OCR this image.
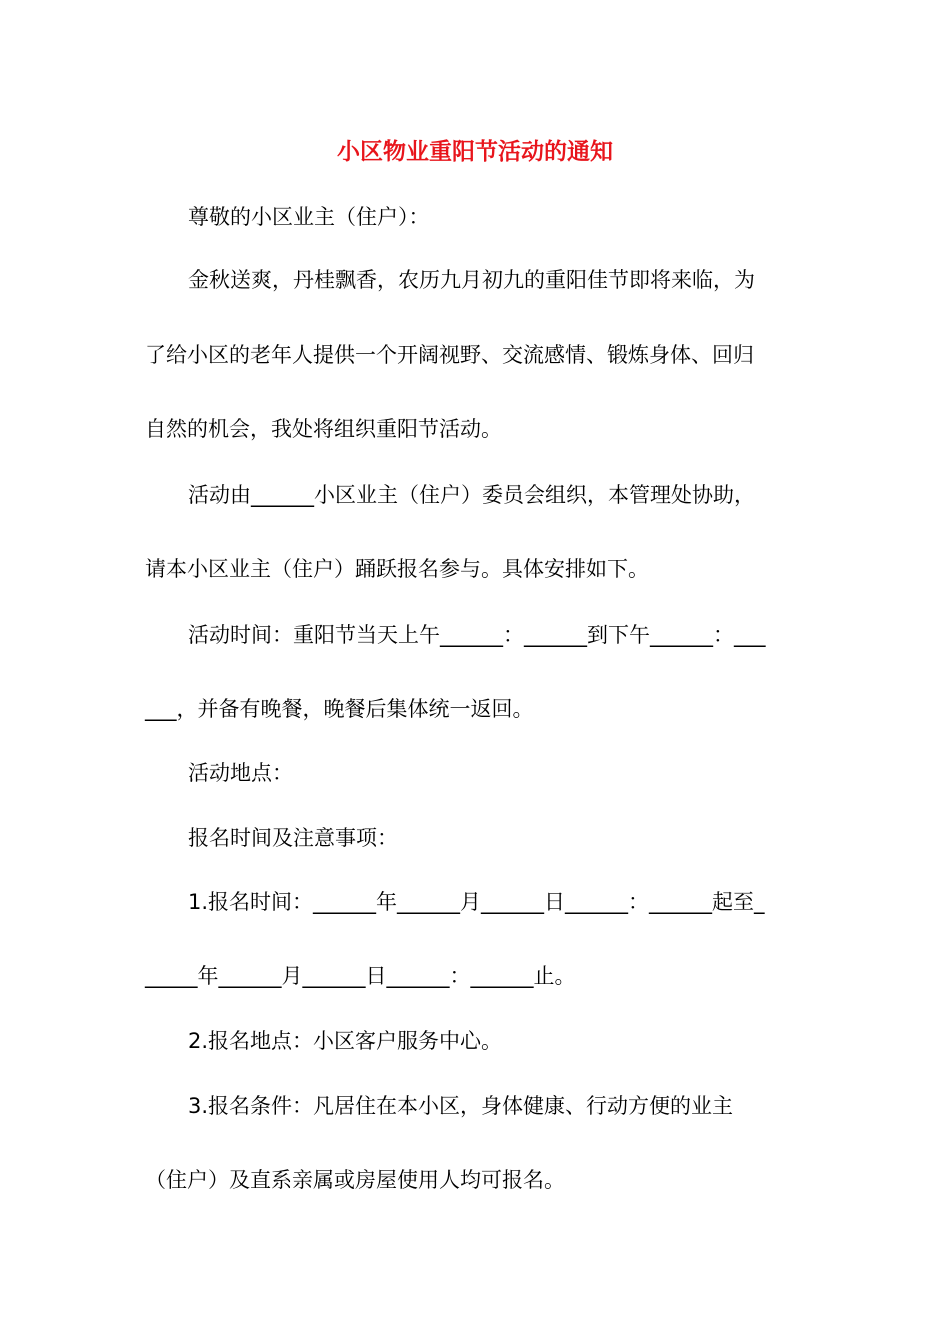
小区物业重阳节活动的通知
尊敬的小区业主（住户）：
金秋送爽，丹桂飘香，农历九月初九的重阳佳节即将来临，为
了给小区的老年人提供一个开阔视野、交流感情、锻炼身体、回归
自然的机会，我处将组织重阳节活动。
活动由______小区业主（住户）委员会组织，本管理处协助，
请本小区业主（住户）踊跃报名参与。具体安排如下。
活动时间：重阳节当天上午______：______到下午______：___
___，并备有晚餐，晚餐后集体统一返回。
活动地点：
报名时间及注意事项：
1.报名时间：______年______月______日______：______起至_
_____年______月______日______：______止。
2.报名地点：小区客户服务中心。
3.报名条件：凡居住在本小区，身体健康、行动方便的业主
（住户）及直系亲属或房屋使用人均可报名。
